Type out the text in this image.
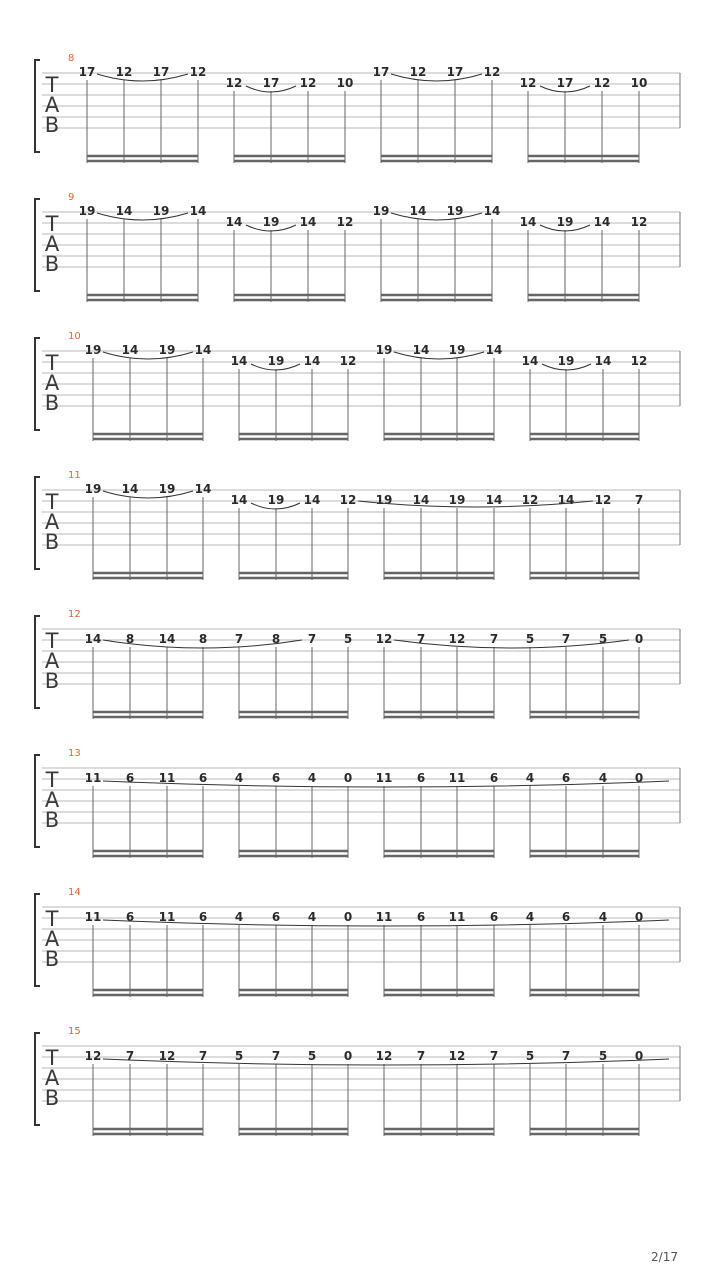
T
A
B
8
17 12 17 12
12 17 12 10
17 12 17 12
12 17 12 10
T
A
B
9
19 14 19 14
14 19 14 12
19 14 19 14
14 19 14 12
T
A
B
10
19 14 19 14
14 19 14 12
19 14 19 14
14 19 14 12
T
A
B
11
19 14 19 14
14 19 14 12 19 14 19 14 12 14 12 7
T
A
B
12
14 8 14 8 7 8 7 5 12 7 12 7 5 7 5 0
T
A
B
13
11 6 11 6 4 6 4 0 11 6 11 6 4 6 4 0
T
A
B
14
11 6 11 6 4 6 4 0 11 6 11 6 4 6 4 0
T
A
B
15
12 7 12 7 5 7 5 0 12 7 12 7 5 7 5 0
2/17
